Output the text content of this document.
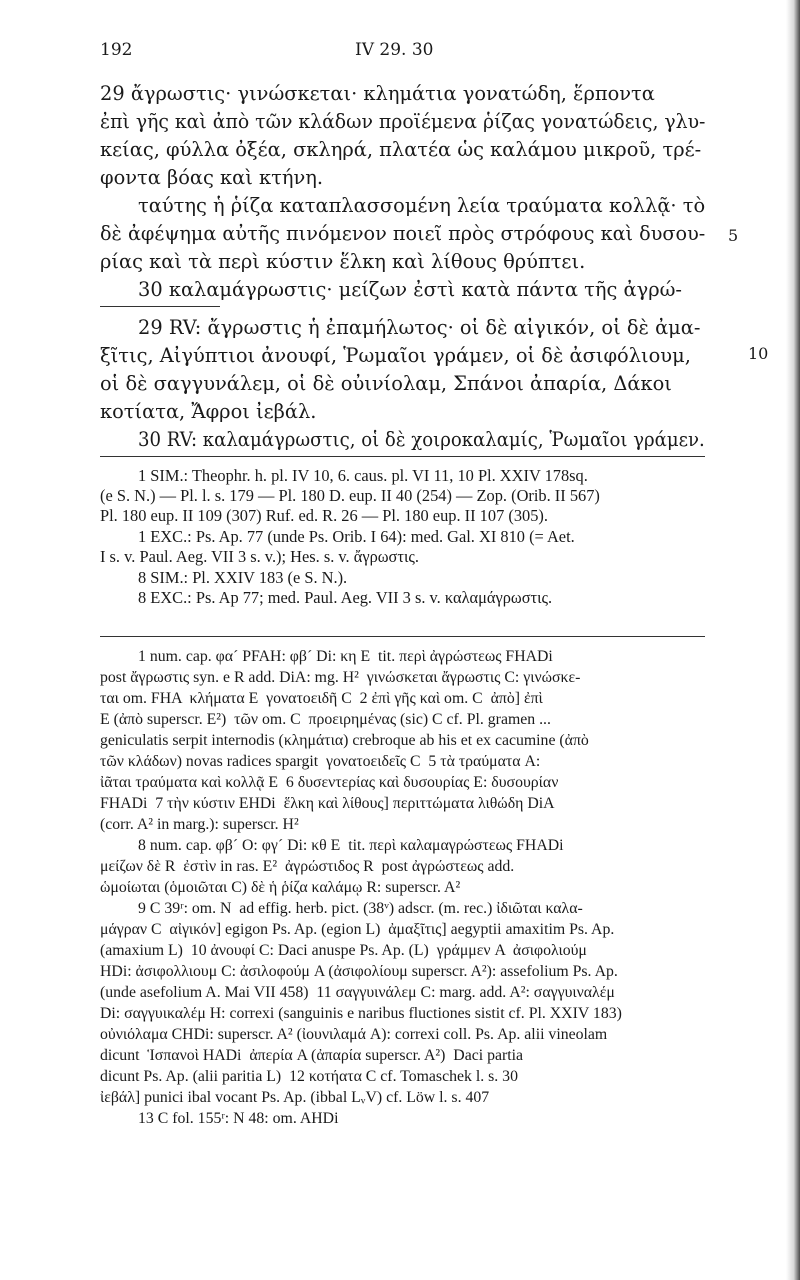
192	IV 29. 30
29 ἄγρωστις· γινώσκεται· κλημάτια γονατώδη, ἕρποντα
ἐπὶ γῆς καὶ ἀπὸ τῶν κλάδων προϊέμενα ῥίζας γονατώδεις, γλυ-
κείας, φύλλα ὀξέα, σκληρά, πλατέα ὡς καλάμου μικροῦ, τρέ-
φοντα βόας καὶ κτήνη.
ταύτης ἡ ῥίζα καταπλασσομένη λεία τραύματα κολλᾷ· τὸ
δὲ ἀφέψημα αὐτῆς πινόμενον ποιεῖ πρὸς στρόφους καὶ δυσου-
ρίας καὶ τὰ περὶ κύστιν ἕλκη καὶ λίθους θρύπτει.
30 καλαμάγρωστις· μείζων ἐστὶ κατὰ πάντα τῆς ἀγρώ-
5
29 RV: ἄγρωστις ἡ ἐπαμήλωτος· οἱ δὲ αἰγικόν, οἱ δὲ ἀμα-
ξῖτις, Αἰγύπτιοι ἀνουφί, Ῥωμαῖοι γράμεν, οἱ δὲ ἀσιφόλιουμ,
οἱ δὲ σαγγυνάλεμ, οἱ δὲ οὐινίολαμ, Σπάνοι ἀπαρία, Δάκοι
κοτίατα, Ἄφροι ἰεβάλ.
30 RV: καλαμάγρωστις, οἱ δὲ χοιροκαλαμίς, Ῥωμαῖοι γράμεν.
10
1 SIM.: Theophr. h. pl. IV 10, 6. caus. pl. VI 11, 10 Pl. XXIV 178sq.
(e S. N.) — Pl. l. s. 179 — Pl. 180 D. eup. II 40 (254) — Zop. (Orib. II 567)
Pl. 180 eup. II 109 (307) Ruf. ed. R. 26 — Pl. 180 eup. II 107 (305).
1 EXC.: Ps. Ap. 77 (unde Ps. Orib. I 64): med. Gal. XI 810 (= Aet.
I s. v. Paul. Aeg. VII 3 s. v.); Hes. s. v. ἄγρωστις.
8 SIM.: Pl. XXIV 183 (e S. N.).
8 EXC.: Ps. Ap 77; med. Paul. Aeg. VII 3 s. v. καλαμάγρωστις.
1 num. cap. φα´ PFAH: φβ´ Di: κη E  tit. περὶ ἀγρώστεως FHADi
post ἄγρωστις syn. e R add. DiA: mg. H²  γινώσκεται ἄγρωστις C: γινώσκε-
ται om. FHA  κλήματα E  γονατοειδῆ C  2 ἐπὶ γῆς καὶ om. C  ἀπὸ] ἐπὶ
E (ἀπὸ superscr. E²)  τῶν om. C  προειρημένας (sic) C cf. Pl. gramen ...
geniculatis serpit internodis (κλημάτια) crebroque ab his et ex cacumine (ἀπὸ
τῶν κλάδων) novas radices spargit  γονατοειδεῖς C  5 τὰ τραύματα A:
ἰᾶται τραύματα καὶ κολλᾷ E  6 δυσεντερίας καὶ δυσουρίας E: δυσουρίαν
FHADi  7 τὴν κύστιν EHDi  ἕλκη καὶ λίθους] περιττώματα λιθώδη DiA
(corr. A² in marg.): superscr. H²
8 num. cap. φβ´ O: φγ´ Di: κθ E  tit. περὶ καλαμαγρώστεως FHADi
μείζων δὲ R  ἐστὶν in ras. E²  ἀγρώστιδος R  post ἀγρώστεως add.
ὡμοίωται (ὁμοιῶται C) δὲ ἡ ῥίζα καλάμῳ R: superscr. A²
9 C 39ʳ: om. N  ad effig. herb. pict. (38ᵛ) adscr. (m. rec.) ἰδιῶται καλα-
μάγραν C  αἰγικόν] egigon Ps. Ap. (egion L)  ἀμαξῖτις] aegyptii amaxitim Ps. Ap.
(amaxium L)  10 ἀνουφί C: Daci anuspe Ps. Ap. (L)  γράμμεν A  ἀσιφολιούμ
HDi: ἀσιφολλιουμ C: ἀσιλοφούμ A (ἀσιφολίουμ superscr. A²): assefolium Ps. Ap.
(unde asefolium A. Mai VII 458)  11 σαγγυινάλεμ C: marg. add. A²: σαγγυιναλέμ
Di: σαγγυικαλέμ H: correxi (sanguinis e naribus fluctiones sistit cf. Pl. XXIV 183)
οὐνιόλαμα CHDi: superscr. A² (ἰουνιλαμά A): correxi coll. Ps. Ap. alii vineolam
dicunt  Ἱσπανοὶ HADi  ἀπερία A (ἀπαρία superscr. A²)  Daci partia
dicunt Ps. Ap. (alii paritia L)  12 κοτήατα C cf. Tomaschek l. s. 30
ἰεβάλ] punici ibal vocant Ps. Ap. (ibbal LᵥV) cf. Löw l. s. 407
13 C fol. 155ʳ: N 48: om. AHDi
